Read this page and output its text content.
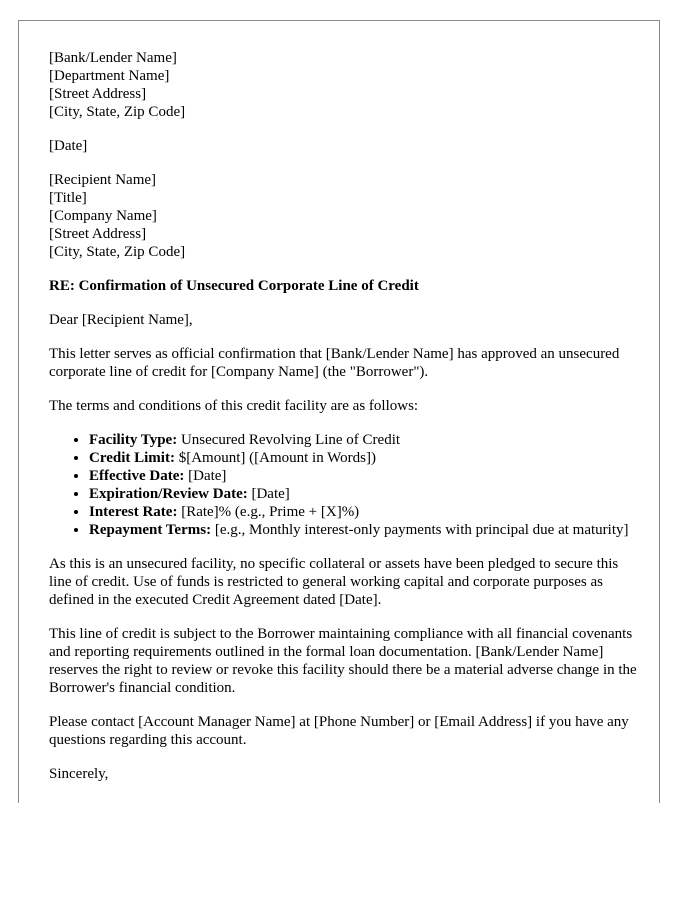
[Bank/Lender Name]
[Department Name]
[Street Address]
[City, State, Zip Code]
[Date]
[Recipient Name]
[Title]
[Company Name]
[Street Address]
[City, State, Zip Code]

RE: Confirmation of Unsecured Corporate Line of Credit

Dear [Recipient Name],

This letter serves as official confirmation that [Bank/Lender Name] has approved an unsecured corporate line of credit for [Company Name] (the "Borrower").

The terms and conditions of this credit facility are as follows:

• Facility Type: Unsecured Revolving Line of Credit
• Credit Limit: $[Amount] ([Amount in Words])
• Effective Date: [Date]
• Expiration/Review Date: [Date]
• Interest Rate: [Rate]% (e.g., Prime + [X]%)
• Repayment Terms: [e.g., Monthly interest-only payments with principal due at maturity]

As this is an unsecured facility, no specific collateral or assets have been pledged to secure this line of credit. Use of funds is restricted to general working capital and corporate purposes as defined in the executed Credit Agreement dated [Date].

This line of credit is subject to the Borrower maintaining compliance with all financial covenants and reporting requirements outlined in the formal loan documentation. [Bank/Lender Name] reserves the right to review or revoke this facility should there be a material adverse change in the Borrower's financial condition.

Please contact [Account Manager Name] at [Phone Number] or [Email Address] if you have any questions regarding this account.

Sincerely,
